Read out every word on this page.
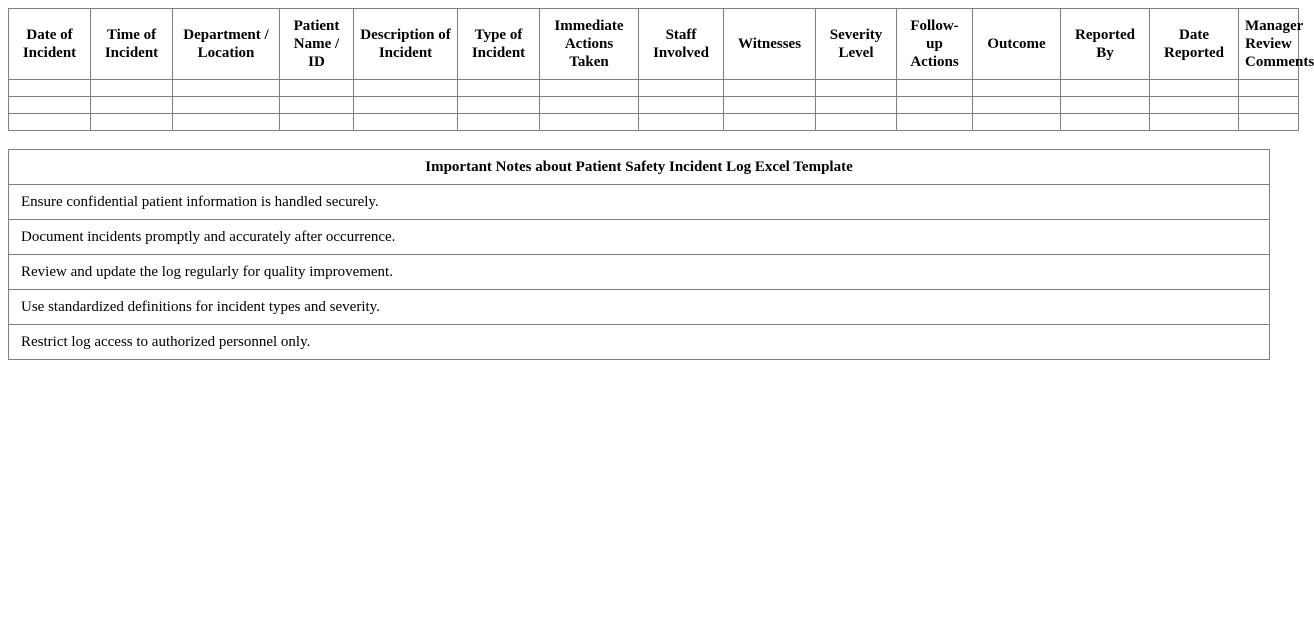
Date of Incident	Time of Incident	Department / Location	Patient Name / ID	Description of Incident	Type of Incident	Immediate Actions Taken	Staff Involved	Witnesses	Severity Level	Follow-up Actions	Outcome	Reported By	Date Reported	Manager Review Comments

Important Notes about Patient Safety Incident Log Excel Template
Ensure confidential patient information is handled securely.
Document incidents promptly and accurately after occurrence.
Review and update the log regularly for quality improvement.
Use standardized definitions for incident types and severity.
Restrict log access to authorized personnel only.
